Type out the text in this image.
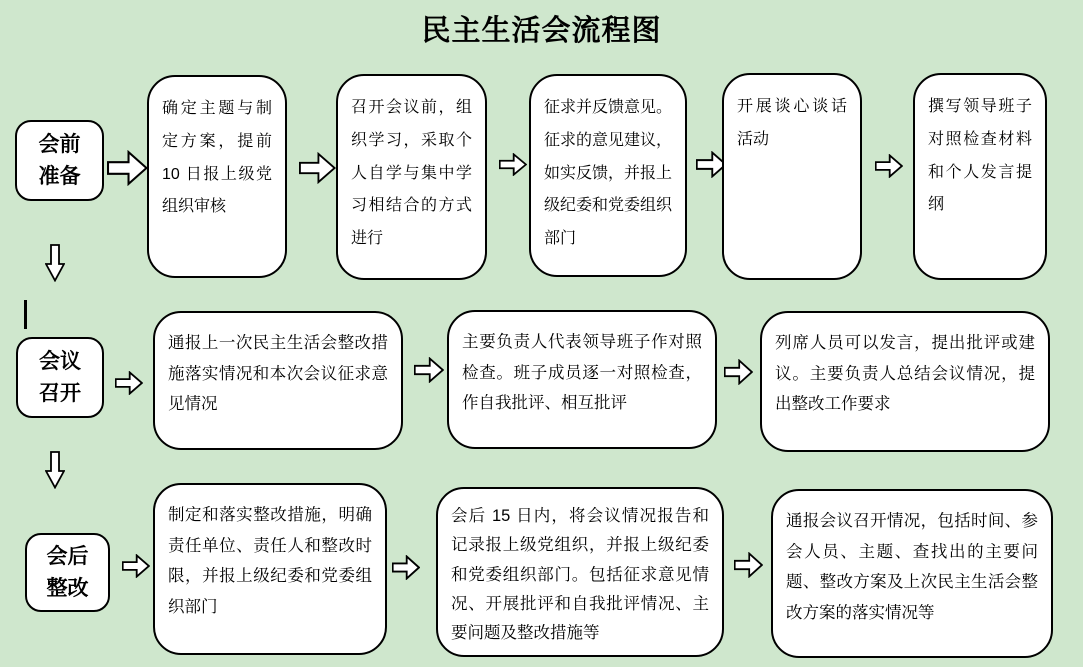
民主生活会流程图
会前准备
确定主题与制定方案，提前 10 日报上级党组织审核
召开会议前，组织学习，采取个人自学与集中学习相结合的方式进行
征求并反馈意见。征求的意见建议，如实反馈，并报上级纪委和党委组织部门
开展谈心谈话活动
撰写领导班子对照检查材料和个人发言提纲
会议召开
通报上一次民主生活会整改措施落实情况和本次会议征求意见情况
主要负责人代表领导班子作对照检查。班子成员逐一对照检查，作自我批评、相互批评
列席人员可以发言，提出批评或建议。主要负责人总结会议情况，提出整改工作要求
会后整改
制定和落实整改措施，明确责任单位、责任人和整改时限，并报上级纪委和党委组织部门
会后 15 日内，将会议情况报告和记录报上级党组织，并报上级纪委和党委组织部门。包括征求意见情况、开展批评和自我批评情况、主要问题及整改措施等
通报会议召开情况，包括时间、参会人员、主题、查找出的主要问题、整改方案及上次民主生活会整改方案的落实情况等
